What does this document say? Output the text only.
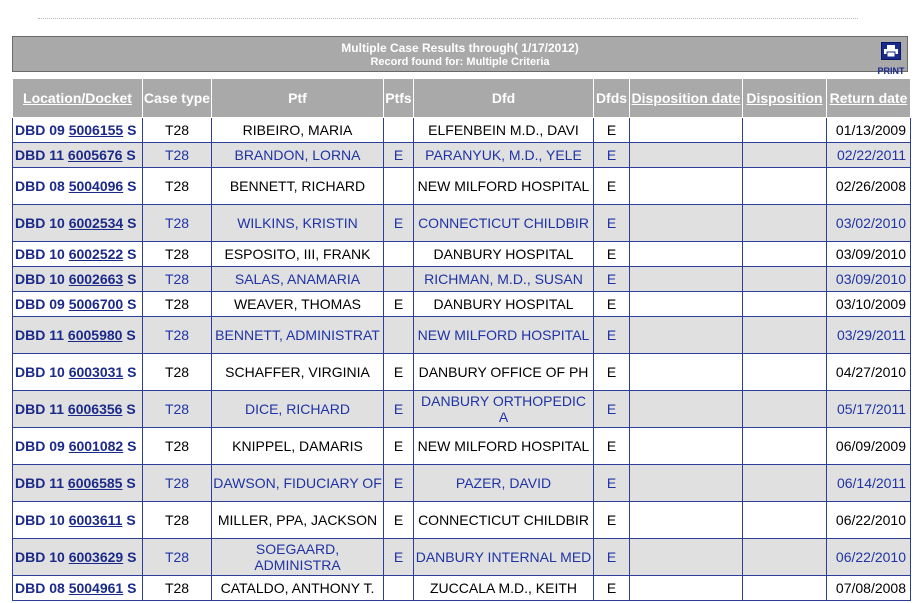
Multiple Case Results through( 1/17/2012)
Record found for: Multiple Criteria
PRINT
Location/Docket	Case type	Ptf	Ptfs	Dfd	Dfds	Disposition date	Disposition	Return date
DBD 09 5006155 S	T28	RIBEIRO, MARIA		ELFENBEIN M.D., DAVI	E			01/13/2009
DBD 11 6005676 S	T28	BRANDON, LORNA	E	PARANYUK, M.D., YELE	E			02/22/2011
DBD 08 5004096 S	T28	BENNETT, RICHARD		NEW MILFORD HOSPITAL	E			02/26/2008
DBD 10 6002534 S	T28	WILKINS, KRISTIN	E	CONNECTICUT CHILDBIR	E			03/02/2010
DBD 10 6002522 S	T28	ESPOSITO, III, FRANK		DANBURY HOSPITAL	E			03/09/2010
DBD 10 6002663 S	T28	SALAS, ANAMARIA		RICHMAN, M.D., SUSAN	E			03/09/2010
DBD 09 5006700 S	T28	WEAVER, THOMAS	E	DANBURY HOSPITAL	E			03/10/2009
DBD 11 6005980 S	T28	BENNETT, ADMINISTRAT		NEW MILFORD HOSPITAL	E			03/29/2011
DBD 10 6003031 S	T28	SCHAFFER, VIRGINIA	E	DANBURY OFFICE OF PH	E			04/27/2010
DBD 11 6006356 S	T28	DICE, RICHARD	E	DANBURY ORTHOPEDIC A	E			05/17/2011
DBD 09 6001082 S	T28	KNIPPEL, DAMARIS	E	NEW MILFORD HOSPITAL	E			06/09/2009
DBD 11 6006585 S	T28	DAWSON, FIDUCIARY OF	E	PAZER, DAVID	E			06/14/2011
DBD 10 6003611 S	T28	MILLER, PPA, JACKSON	E	CONNECTICUT CHILDBIR	E			06/22/2010
DBD 10 6003629 S	T28	SOEGAARD, ADMINISTRA	E	DANBURY INTERNAL MED	E			06/22/2010
DBD 08 5004961 S	T28	CATALDO, ANTHONY T.		ZUCCALA M.D., KEITH	E			07/08/2008
